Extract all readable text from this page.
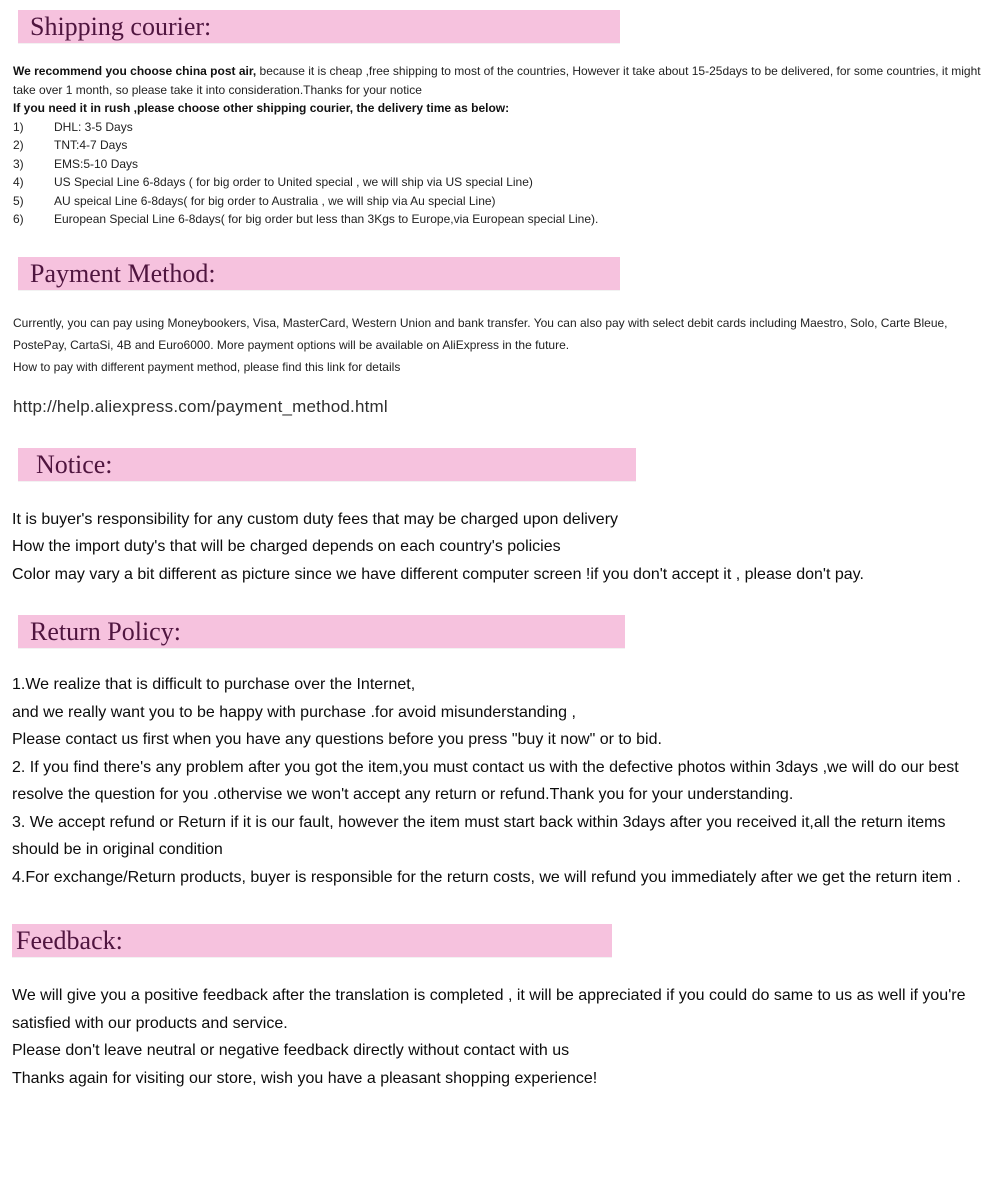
Shipping courier:
We recommend you choose china post air, because it is cheap ,free shipping to most of the countries, However it take about 15-25days to be delivered, for some countries, it might take over 1 month, so please take it into consideration.Thanks for your notice
If you need it in rush ,please choose other shipping courier, the delivery time as below:
1)	DHL: 3-5 Days
2)	TNT:4-7 Days
3)	EMS:5-10 Days
4)	US Special Line 6-8days ( for big order to United special , we will ship via US special Line)
5)	AU speical Line 6-8days( for big order to Australia , we will ship via Au special Line)
6)	European Special Line 6-8days( for big order but less than 3Kgs to Europe,via European special Line).
Payment Method:
Currently, you can pay using Moneybookers, Visa, MasterCard, Western Union and bank transfer. You can also pay with select debit cards including Maestro, Solo, Carte Bleue, PostePay, CartaSi, 4B and Euro6000. More payment options will be available on AliExpress in the future.
How to pay with different payment method, please find this link for details
http://help.aliexpress.com/payment_method.html
Notice:
It is buyer's responsibility for any custom duty fees that may be charged upon delivery
How the import duty's that will be charged depends on each country's policies
Color may vary a bit different as picture since we have different computer screen !if you don't accept it , please don't pay.
Return Policy:
1.We realize that is difficult to purchase over the Internet,
and we really want you to be happy with purchase .for avoid misunderstanding ,
Please contact us first when you have any questions before you press "buy it now" or to bid.
2. If you find there's any problem after you got the item,you must contact us with the defective photos within 3days ,we will do our best resolve the question for you .othervise we won't accept any return or refund.Thank you for your understanding.
3. We accept refund or Return if it is our fault, however the item must start back within 3days after you received it,all the return items should be in original condition
4.For exchange/Return products, buyer is responsible for the return costs, we will refund you immediately after we get the return item .
Feedback:
We will give you a positive feedback after the translation is completed , it will be appreciated if you could do same to us as well if you're satisfied with our products and service.
Please don't leave neutral or negative feedback directly without contact with us
Thanks again for visiting our store, wish you have a pleasant shopping experience!
